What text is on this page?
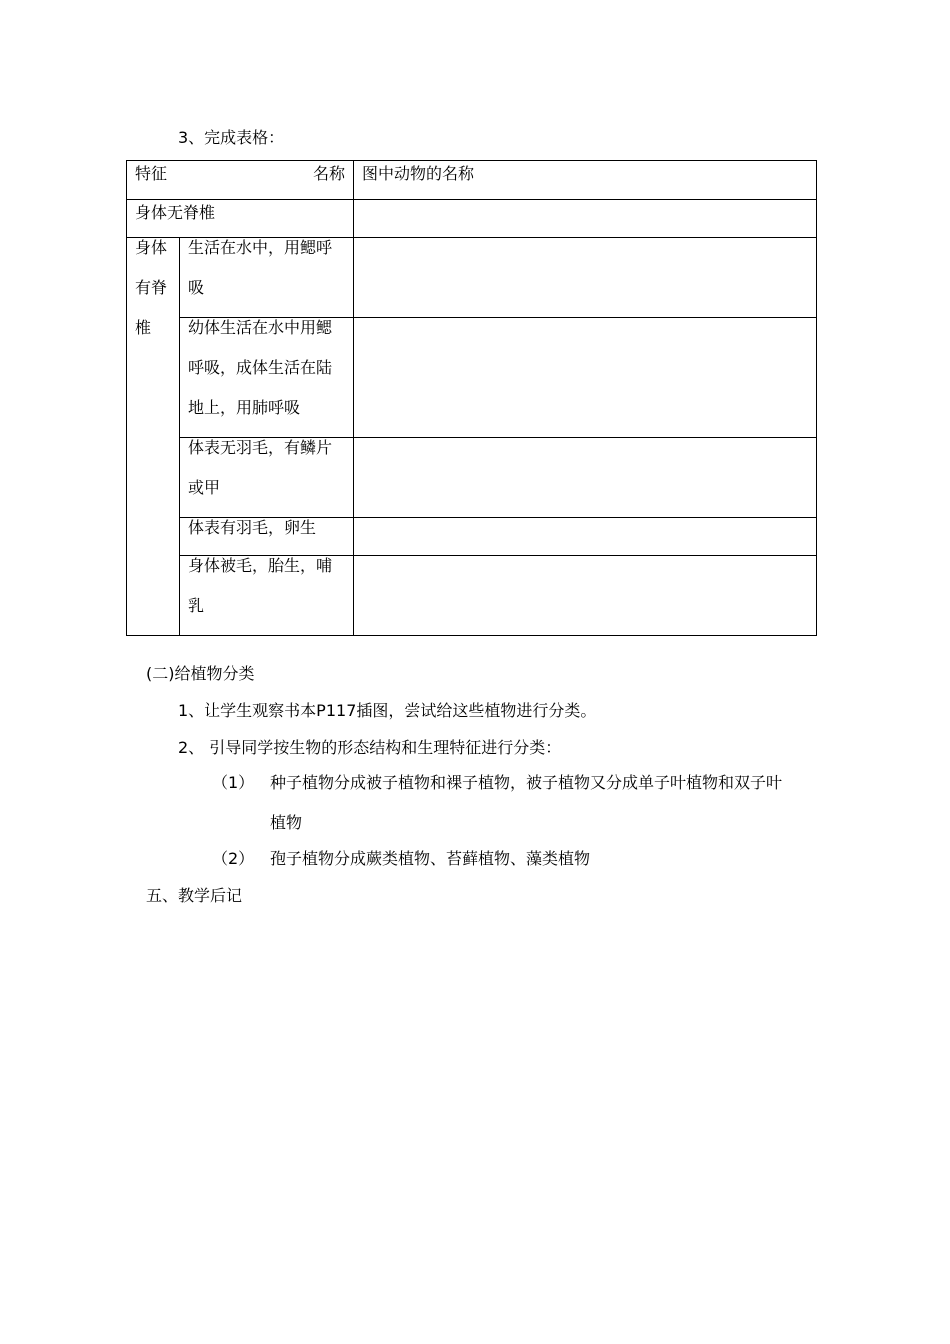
3、完成表格：
特征 名称		图中动物的名称

身体无脊椎		

身体有脊椎	生活在水中，用鳃呼吸	

	幼体生活在水中用鳃呼吸，成体生活在陆地上，用肺呼吸	

	体表无羽毛，有鳞片或甲	

	体表有羽毛，卵生	

	身体被毛，胎生，哺乳	

(二)给植物分类
1、让学生观察书本P117插图，尝试给这些植物进行分类。
2、 引导同学按生物的形态结构和生理特征进行分类：
（1） 种子植物分成被子植物和裸子植物，被子植物又分成单子叶植物和双子叶
植物
（2） 孢子植物分成蕨类植物、苔藓植物、藻类植物
五、教学后记
